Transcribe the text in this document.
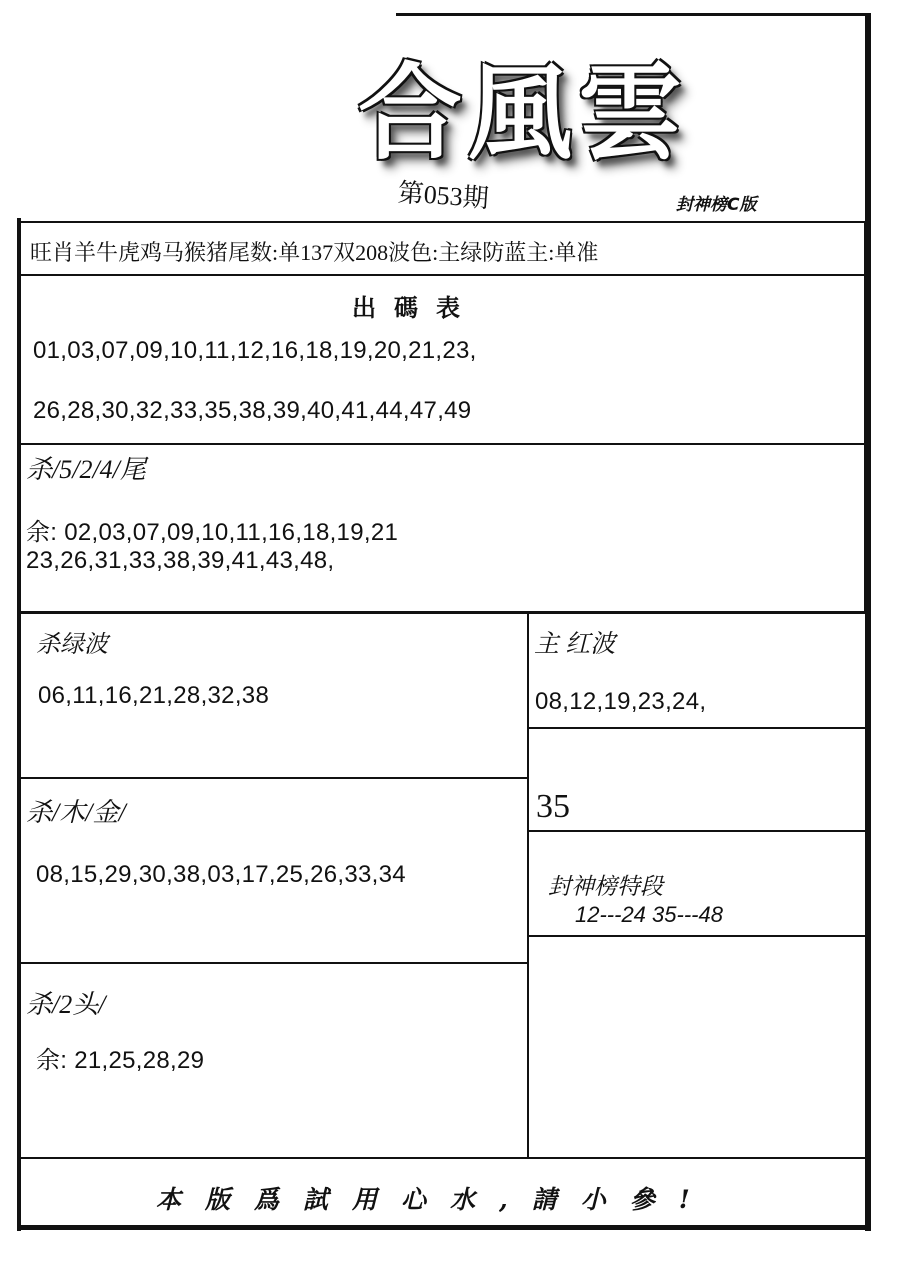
合風雲
第053期	封神榜C版
旺肖羊牛虎鸡马猴猪尾数:单137双208波色:主绿防蓝主:单准
出碼表
01,03,07,09,10,11,12,16,18,19,20,21,23,
26,28,30,32,33,35,38,39,40,41,44,47,49
杀/5/2/4/尾
余: 02,03,07,09,10,11,16,18,19,21
23,26,31,33,38,39,41,43,48,
杀绿波
06,11,16,21,28,32,38
主 红波
08,12,19,23,24,
35
杀/木/金/
08,15,29,30,38,03,17,25,26,33,34	封神榜特段
12---24 35---48
杀/2头/
余: 21,25,28,29
本版爲試用心水,請小參!
